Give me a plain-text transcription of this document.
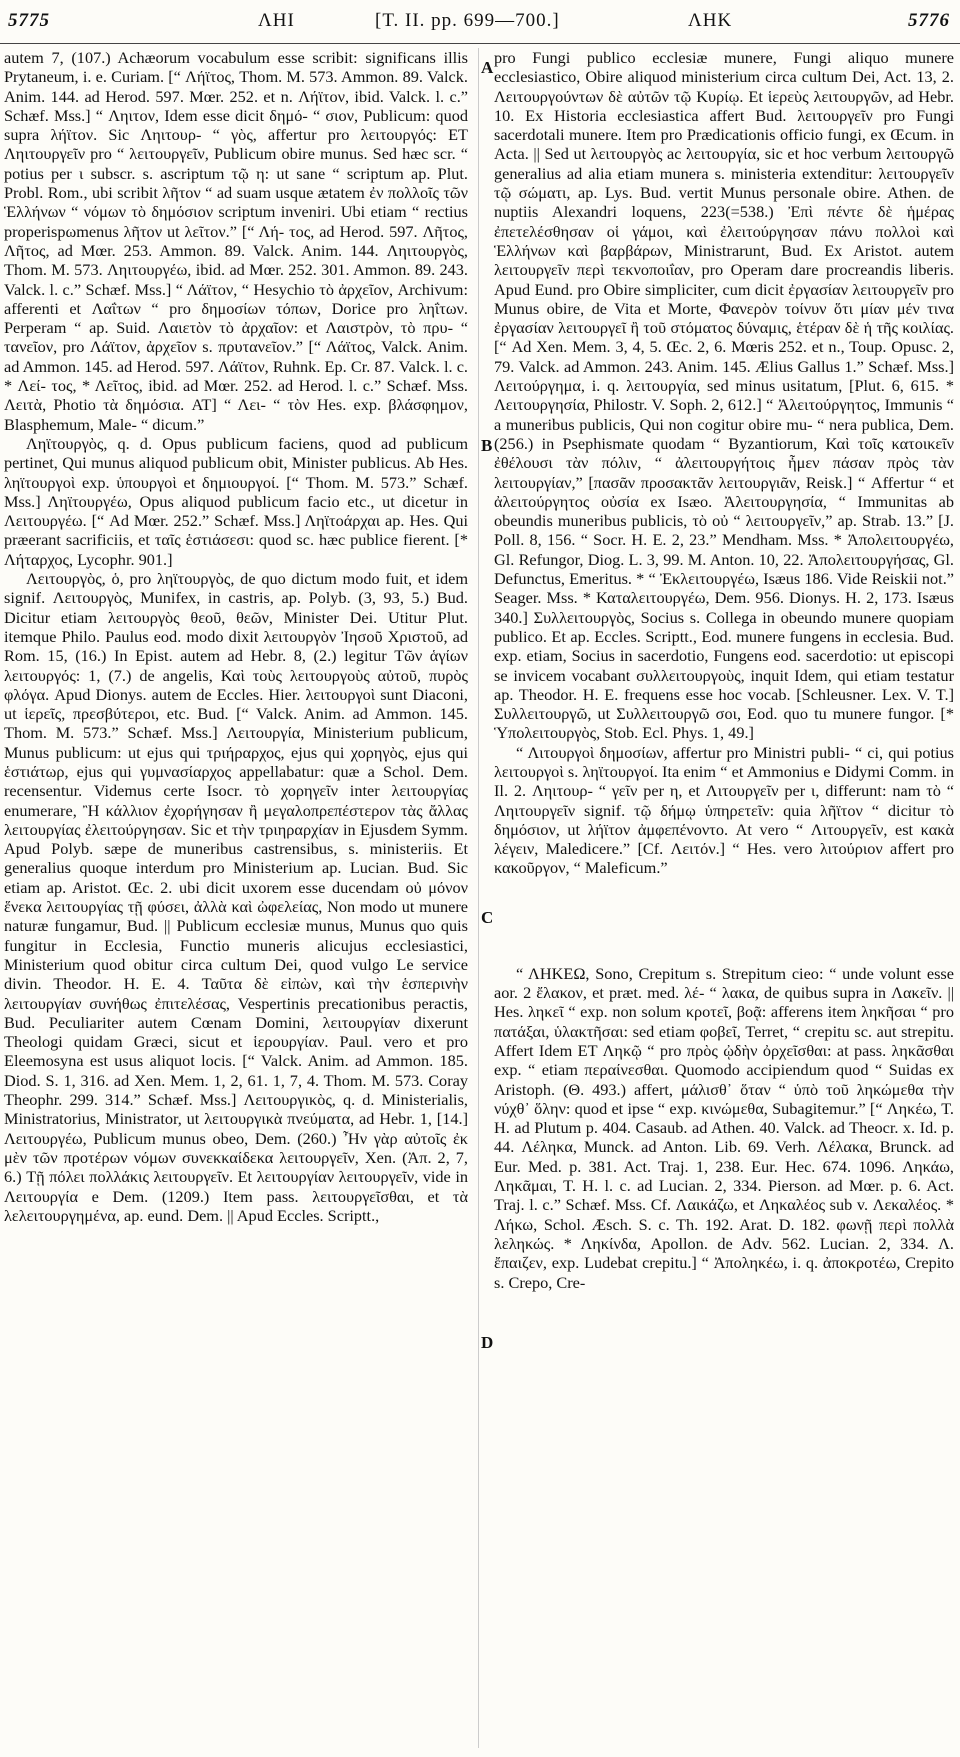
5775	ΛΗΙ	[T. II. pp. 699—700.]	ΛΗΚ	5776
A
B
C
D

autem 7, (107.) Achæorum vocabulum esse scribit: significans illis Prytaneum, i. e. Curiam. [“ Λήϊτος, Thom. M. 573. Ammon. 89. Valck. Anim. 144. ad Herod. 597. Mœr. 252. et n. Λήϊτον, ibid. Valck. l. c.” Schæf. Mss.] “ Ληιτον, Idem esse dicit δημό- “ σιον, Publicum: quod supra λήϊτον. Sic Ληιτουρ- “ γὸς, affertur pro λειτουργός: ET Ληιτουργεῖν pro “ λειτουργεῖν, Publicum obire munus. Sed hæc scr. “ potius per ι subscr. s. ascriptum τῷ η: ut sane “ scriptum ap. Plut. Probl. Rom., ubi scribit λῆτον “ ad suam usque ætatem ἐν πολλοῖς τῶν Ἑλλήνων “ νόμων τὸ δημόσιον scriptum inveniri. Ubi etiam “ rectius properispωmenus λῆτον ut λεῖτον.” [“ Λή- τος, ad Herod. 597. Λῆτος, Λῆτος, ad Mœr. 253. Ammon. 89. Valck. Anim. 144. Ληιτουργὸς, Thom. M. 573. Ληιτουργέω, ibid. ad Mœr. 252. 301. Ammon. 89. 243. Valck. l. c.” Schæf. Mss.] “ Λάϊτον, “ Hesychio τὸ ἀρχεῖον, Archivum: afferenti et Λαΐτων “ pro δημοσίων τόπων, Dorice pro ληΐτων. Perperam “ ap. Suid. Λαιετὸν τὸ ἀρχαῖον: et Λαιστρὸν, τὸ πρυ- “ τανεῖον, pro Λάϊτον, ἀρχεῖον s. πρυτανεῖον.” [“ Λάϊτος, Valck. Anim. ad Ammon. 145. ad Herod. 597. Λάϊτον, Ruhnk. Ep. Cr. 87. Valck. l. c. * Λεί- τος, * Λεῖτος, ibid. ad Mœr. 252. ad Herod. l. c.” Schæf. Mss. Λειτὰ, Photio τὰ δημόσια. AT] “ Λει- “ τὸν Hes. exp. βλάσφημον, Blasphemum, Male- “ dicum.”

Ληϊτουργὸς, q. d. Opus publicum faciens, quod ad publicum pertinet, Qui munus aliquod publicum obit, Minister publicus. Ab Hes. ληϊτουργοὶ exp. ὑπουργοὶ et δημιουργοί. [“ Thom. M. 573.” Schæf. Mss.] Ληϊτουργέω, Opus aliquod publicum facio etc., ut dicetur in Λειτουργέω. [“ Ad Mœr. 252.” Schæf. Mss.] Ληϊτοάρχαι ap. Hes. Qui præerant sacrificiis, et ταῖς ἑστιάσεσι: quod sc. hæc publice fierent. [* Λήταρχος, Lycophr. 901.]

Λειτουργὸς, ὁ, pro ληϊτουργὸς, de quo dictum modo fuit, et idem signif. Λειτουργὸς, Munifex, in castris, ap. Polyb. (3, 93, 5.) Bud. Dicitur etiam λειτουργὸς θεοῦ, θεῶν, Minister Dei. Utitur Plut. itemque Philo. Paulus eod. modo dixit λειτουργὸν Ἰησοῦ Χριστοῦ, ad Rom. 15, (16.) In Epist. autem ad Hebr. 8, (2.) legitur Τῶν ἁγίων λειτουργός: 1, (7.) de angelis, Καὶ τοὺς λειτουργοὺς αὐτοῦ, πυρὸς φλόγα. Apud Dionys. autem de Eccles. Hier. λειτουργοὶ sunt Diaconi, ut ἱερεῖς, πρεσβύτεροι, etc. Bud. [“ Valck. Anim. ad Ammon. 145. Thom. M. 573.” Schæf. Mss.] Λειτουργία, Ministerium publicum, Munus publicum: ut ejus qui τριήραρχος, ejus qui χορηγὸς, ejus qui ἑστιάτωρ, ejus qui γυμνασίαρχος appellabatur: quæ a Schol. Dem. recensentur. Videmus certe Isocr. τὸ χορηγεῖν inter λειτουργίας enumerare, Ἢ κάλλιον ἐχορήγησαν ἢ μεγαλοπρεπέστερον τὰς ἄλλας λειτουργίας ἐλειτούργησαν. Sic et τὴν τριηραρχίαν in Ejusdem Symm. Apud Polyb. sæpe de muneribus castrensibus, s. ministeriis. Et generalius quoque interdum pro Ministerium ap. Lucian. Bud. Sic etiam ap. Aristot. Œc. 2. ubi dicit uxorem esse ducendam οὐ μόνον ἕνεκα λειτουργίας τῇ φύσει, ἀλλὰ καὶ ὠφελείας, Non modo ut munere naturæ fungamur, Bud. || Publicum ecclesiæ munus, Munus quo quis fungitur in Ecclesia, Functio muneris alicujus ecclesiastici, Ministerium quod obitur circa cultum Dei, quod vulgo Le service divin. Theodor. H. E. 4. Ταῦτα δὲ εἰπὼν, καὶ τὴν ἑσπερινὴν λειτουργίαν συνήθως ἐπιτελέσας, Vespertinis precationibus peractis, Bud. Peculiariter autem Cœnam Domini, λειτουργίαν dixerunt Theologi quidam Græci, sicut et ἱερουργίαν. Paul. vero et pro Eleemosyna est usus aliquot locis. [“ Valck. Anim. ad Ammon. 185. Diod. S. 1, 316. ad Xen. Mem. 1, 2, 61. 1, 7, 4. Thom. M. 573. Coray Theophr. 299. 314.” Schæf. Mss.] Λειτουργικὸς, q. d. Ministerialis, Ministratorius, Ministrator, ut λειτουργικὰ πνεύματα, ad Hebr. 1, [14.] Λειτουργέω, Publicum munus obeo, Dem. (260.) Ἦν γὰρ αὐτοῖς ἐκ μὲν τῶν προτέρων νόμων συνεκκαίδεκα λειτουργεῖν, Xen. (Ἀπ. 2, 7, 6.) Τῇ πόλει πολλάκις λειτουργεῖν. Et λειτουργίαν λειτουργεῖν, vide in Λειτουργία e Dem. (1209.) Item pass. λειτουργεῖσθαι, et τὰ λελειτουργημένα, ap. eund. Dem. || Apud Eccles. Scriptt.,

pro Fungi publico ecclesiæ munere, Fungi aliquo munere ecclesiastico, Obire aliquod ministerium circa cultum Dei, Act. 13, 2. Λειτουργούντων δὲ αὐτῶν τῷ Κυρίῳ. Et ἱερεὺς λειτουργῶν, ad Hebr. 10. Ex Historia ecclesiastica affert Bud. λειτουργεῖν pro Fungi sacerdotali munere. Item pro Prædicationis officio fungi, ex Œcum. in Acta. || Sed ut λειτουργὸς ac λειτουργία, sic et hoc verbum λειτουργῶ generalius ad alia etiam munera s. ministeria extenditur: λειτουργεῖν τῷ σώματι, ap. Lys. Bud. vertit Munus personale obire. Athen. de nuptiis Alexandri loquens, 223(=538.) Ἐπὶ πέντε δὲ ἡμέρας ἐπετελέσθησαν οἱ γάμοι, καὶ ἐλειτούργησαν πάνυ πολλοὶ καὶ Ἑλλήνων καὶ βαρβάρων, Ministrarunt, Bud. Ex Aristot. autem λειτουργεῖν περὶ τεκνοποιΐαν, pro Operam dare procreandis liberis. Apud Eund. pro Obire simpliciter, cum dicit ἐργασίαν λειτουργεῖν pro Munus obire, de Vita et Morte, Φανερὸν τοίνυν ὅτι μίαν μέν τινα ἐργασίαν λειτουργεῖ ἢ τοῦ στόματος δύναμις, ἑτέραν δὲ ἡ τῆς κοιλίας. [“ Ad Xen. Mem. 3, 4, 5. Œc. 2, 6. Mœris 252. et n., Toup. Opusc. 2, 79. Valck. ad Ammon. 243. Anim. 145. Ælius Gallus 1.” Schæf. Mss.] Λειτούργημα, i. q. λειτουργία, sed minus usitatum, [Plut. 6, 615. * Λειτουργησία, Philostr. V. Soph. 2, 612.] “ Ἀλειτούργητος, Immunis “ a muneribus publicis, Qui non cogitur obire mu- “ nera publica, Dem. (256.) in Psephismate quodam “ Byzantiorum, Καὶ τοῖς κατοικεῖν ἐθέλουσι τὰν πόλιν, “ ἀλειτουργήτοις ἦμεν πάσαν πρὸς τὰν λειτουργίαν,” [πασᾶν προσακτᾶν λειτουργιᾶν, Reisk.] “ Affertur “ et ἀλειτούργητος οὐσία ex Isæo. Ἀλειτουργησία, “ Immunitas ab obeundis muneribus publicis, τὸ οὐ “ λειτουργεῖν,” ap. Strab. 13.” [J. Poll. 8, 156. “ Socr. H. E. 2, 23.” Mendham. Mss. * Ἀπολειτουργέω, Gl. Refungor, Diog. L. 3, 99. M. Anton. 10, 22. Ἀπολειτουργήσας, Gl. Defunctus, Emeritus. * “ Ἐκλειτουργέω, Isæus 186. Vide Reiskii not.” Seager. Mss. * Καταλειτουργέω, Dem. 956. Dionys. H. 2, 173. Isæus 340.] Συλλειτουργὸς, Socius s. Collega in obeundo munere quopiam publico. Et ap. Eccles. Scriptt., Eod. munere fungens in ecclesia. Bud. exp. etiam, Socius in sacerdotio, Fungens eod. sacerdotio: ut episcopi se invicem vocabant συλλειτουργοὺς, inquit Idem, qui etiam testatur ap. Theodor. H. E. frequens esse hoc vocab. [Schleusner. Lex. V. T.] Συλλειτουργῶ, ut Συλλειτουργῶ σοι, Eod. quo tu munere fungor. [* Ὑπολειτουργὸς, Stob. Ecl. Phys. 1, 49.]

“ Λιτουργοὶ δημοσίων, affertur pro Ministri publi- “ ci, qui potius λειτουργοὶ s. ληϊτουργοί. Ita enim “ et Ammonius e Didymi Comm. in Il. 2. Ληιτουρ- “ γεῖν per η, et Λιτουργεῖν per ι, differunt: nam τὸ “ Ληιτουργεῖν signif. τῷ δήμῳ ὑπηρετεῖν: quia λῆϊτον “ dicitur τὸ δημόσιον, ut λήϊτον ἀμφεπένοντο. At vero “ Λιτουργεῖν, est κακὰ λέγειν, Maledicere.” [Cf. Λειτόν.] “ Hes. vero λιτούριον affert pro κακοῦργον, “ Maleficum.”

“ ΛΗΚΕΩ, Sono, Crepitum s. Strepitum cieo: “ unde volunt esse aor. 2 ἔλακον, et præt. med. λέ- “ λακα, de quibus supra in Λακεῖν. || Hes. ληκεῖ “ exp. non solum κροτεῖ, βοᾷ: afferens item ληκῆσαι “ pro πατάξαι, ὑλακτῆσαι: sed etiam φοβεῖ, Terret, “ crepitu sc. aut strepitu. Affert Idem ET Ληκῷ “ pro πρὸς ᾠδὴν ὀρχεῖσθαι: at pass. ληκᾶσθαι exp. “ etiam περαίνεσθαι. Quomodo accipiendum quod “ Suidas ex Aristoph. (Θ. 493.) affert, μάλισθ᾽ ὅταν “ ὑπὸ τοῦ ληκώμεθα τὴν νύχθ᾽ ὅλην: quod et ipse “ exp. κινώμεθα, Subagitemur.” [“ Ληκέω, T. H. ad Plutum p. 404. Casaub. ad Athen. 40. Valck. ad Theocr. x. Id. p. 44. Λέληκα, Munck. ad Anton. Lib. 69. Verh. Λέλακα, Brunck. ad Eur. Med. p. 381. Act. Traj. 1, 238. Eur. Hec. 674. 1096. Ληκάω, Ληκᾶμαι, T. H. l. c. ad Lucian. 2, 334. Pierson. ad Mœr. p. 6. Act. Traj. l. c.” Schæf. Mss. Cf. Λαικάζω, et Ληκαλέος sub v. Λεκαλέος. * Λήκω, Schol. Æsch. S. c. Th. 192. Arat. D. 182. φωνῇ περὶ πολλὰ λεληκώς. * Ληκίνδα, Apollon. de Adv. 562. Lucian. 2, 334. Λ. ἔπαιζεν, exp. Ludebat crepitu.] “ Ἀποληκέω, i. q. ἀποκροτέω, Crepito s. Crepo, Cre-
